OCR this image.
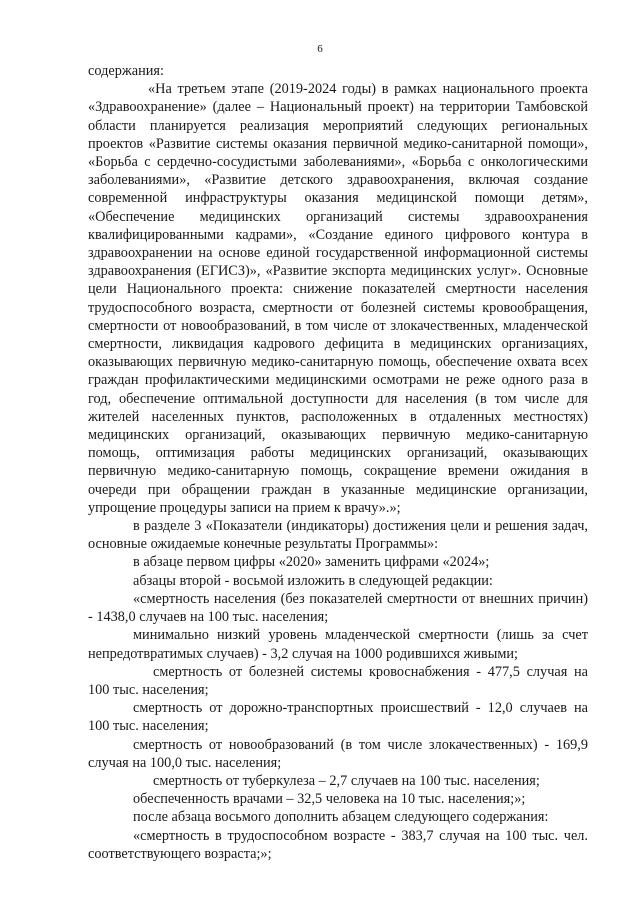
6

содержания:

«На третьем этапе (2019-2024 годы) в рамках национального проекта «Здравоохранение» (далее – Национальный проект) на территории Тамбовской области планируется реализация мероприятий следующих региональных проектов «Развитие системы оказания первичной медико-санитарной помощи», «Борьба с сердечно-сосудистыми заболеваниями», «Борьба с онкологическими заболеваниями», «Развитие детского здравоохранения, включая создание современной инфраструктуры оказания медицинской помощи детям», «Обеспечение медицинских организаций системы здравоохранения квалифицированными кадрами», «Создание единого цифрового контура в здравоохранении на основе единой государственной информационной системы здравоохранения (ЕГИСЗ)», «Развитие экспорта медицинских услуг». Основные цели Национального проекта: снижение показателей смертности населения трудоспособного возраста, смертности от болезней системы кровообращения, смертности от новообразований, в том числе от злокачественных, младенческой смертности, ликвидация кадрового дефицита в медицинских организациях, оказывающих первичную медико-санитарную помощь, обеспечение охвата всех граждан профилактическими медицинскими осмотрами не реже одного раза в год, обеспечение оптимальной доступности для населения (в том числе для жителей населенных пунктов, расположенных в отдаленных местностях) медицинских организаций, оказывающих первичную медико-санитарную помощь, оптимизация работы медицинских организаций, оказывающих первичную медико-санитарную помощь, сокращение времени ожидания в очереди при обращении граждан в указанные медицинские организации, упрощение процедуры записи на прием к врачу».»;

в разделе 3 «Показатели (индикаторы) достижения цели и решения задач, основные ожидаемые конечные результаты Программы»:

в абзаце первом цифры «2020» заменить цифрами «2024»;

абзацы второй - восьмой изложить в следующей редакции:

«смертность населения (без показателей смертности от внешних причин) - 1438,0 случаев на 100 тыс. населения;

минимально низкий уровень младенческой смертности (лишь за счет непредотвратимых случаев) - 3,2 случая на 1000 родившихся живыми;

смертность от болезней системы кровоснабжения - 477,5 случая на 100 тыс. населения;

смертность от дорожно-транспортных происшествий - 12,0 случаев на 100 тыс. населения;

смертность от новообразований (в том числе злокачественных) - 169,9 случая на 100,0 тыс. населения;

смертность от туберкулеза – 2,7 случаев на 100 тыс. населения;

обеспеченность врачами – 32,5 человека на 10 тыс. населения;»;

после абзаца восьмого дополнить абзацем следующего содержания:

«смертность в трудоспособном возрасте - 383,7 случая на 100 тыс. чел. соответствующего возраста;»;
